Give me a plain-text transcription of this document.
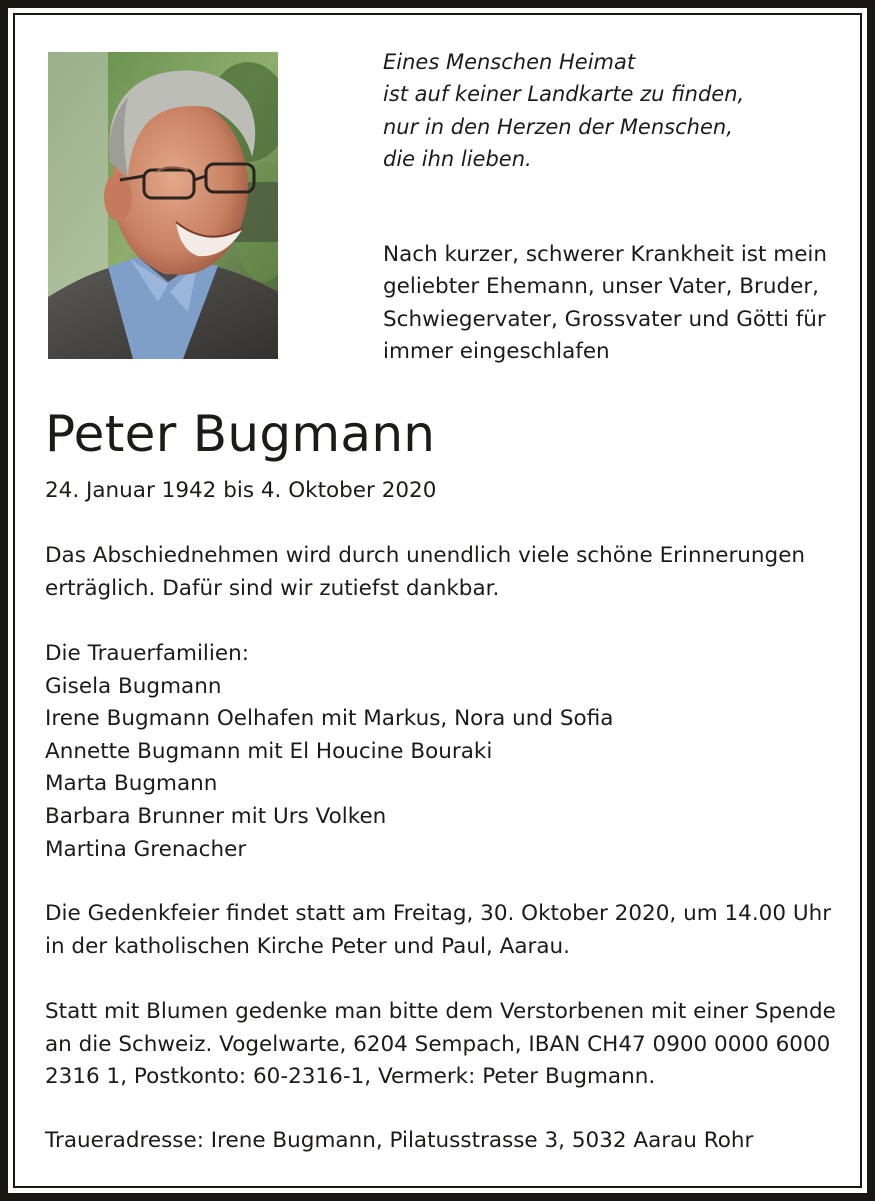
Eines Menschen Heimat
ist auf keiner Landkarte zu finden,
nur in den Herzen der Menschen,
die ihn lieben.
Nach kurzer, schwerer Krankheit ist mein
geliebter Ehemann, unser Vater, Bruder,
Schwiegervater, Grossvater und Götti für
immer eingeschlafen
Peter Bugmann

24. Januar 1942 bis 4. Oktober 2020

Das Abschiednehmen wird durch unendlich viele schöne Erinnerungen
erträglich. Dafür sind wir zutiefst dankbar.
Die Trauerfamilien:
Gisela Bugmann
Irene Bugmann Oelhafen mit Markus, Nora und Sofia
Annette Bugmann mit El Houcine Bouraki
Marta Bugmann
Barbara Brunner mit Urs Volken
Martina Grenacher
Die Gedenkfeier findet statt am Freitag, 30. Oktober 2020, um 14.00 Uhr
in der katholischen Kirche Peter und Paul, Aarau.
Statt mit Blumen gedenke man bitte dem Verstorbenen mit einer Spende
an die Schweiz. Vogelwarte, 6204 Sempach, IBAN CH47 0900 0000 6000
2316 1, Postkonto: 60-2316-1, Vermerk: Peter Bugmann.
Traueradresse: Irene Bugmann, Pilatusstrasse 3, 5032 Aarau Rohr
